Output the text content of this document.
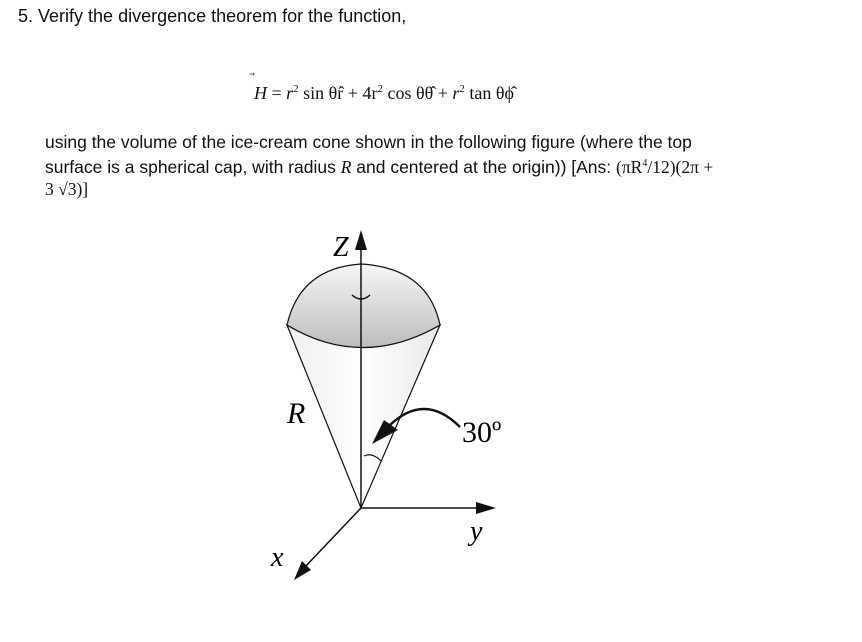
5. Verify the divergence theorem for the function,
$H = r^2$ sin θr̂ + $4r^2$ cos θθ̂ + $r^2$ tan θϕ̂
using the volume of the ice-cream cone shown in the following figure (where the top
surface is a spherical cap, with radius R and centered at the origin)) [Ans: $(\pi R^4/12)(2\pi$ +
3 √3)]
Z
y
x
R
30º
